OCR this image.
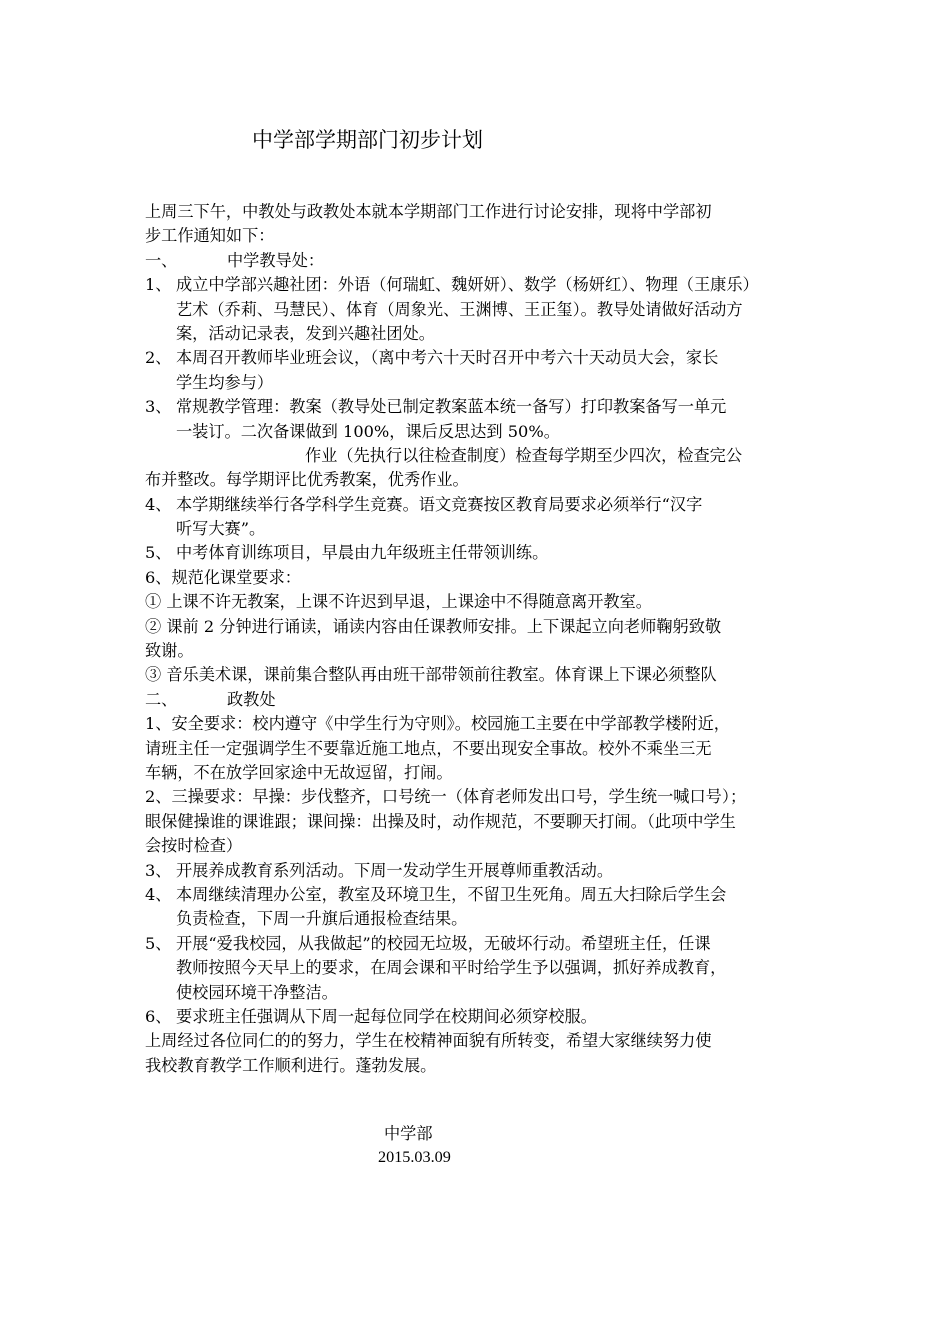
中学部学期部门初步计划
上周三下午，中教处与政教处本就本学期部门工作进行讨论安排，现将中学部初
步工作通知如下：
一、	中学教导处：
1、 成立中学部兴趣社团：外语（何瑞虹、魏妍妍）、数学（杨妍红）、物理（王康乐）
艺术（乔莉、马慧民）、体育（周象光、王渊博、王正玺）。教导处请做好活动方
案，活动记录表，发到兴趣社团处。
2、 本周召开教师毕业班会议，（离中考六十天时召开中考六十天动员大会，家长
学生均参与）
3、 常规教学管理：教案（教导处已制定教案蓝本统一备写）打印教案备写一单元
一装订。二次备课做到 100%，课后反思达到 50%。
作业（先执行以往检查制度）检查每学期至少四次，检查完公
布并整改。每学期评比优秀教案，优秀作业。
4、 本学期继续举行各学科学生竞赛。语文竞赛按区教育局要求必须举行“汉字
听写大赛”。
5、 中考体育训练项目，早晨由九年级班主任带领训练。
6、规范化课堂要求：
① 上课不许无教案，上课不许迟到早退，上课途中不得随意离开教室。
② 课前 2 分钟进行诵读，诵读内容由任课教师安排。上下课起立向老师鞠躬致敬
致谢。
③ 音乐美术课，课前集合整队再由班干部带领前往教室。体育课上下课必须整队
二、	政教处
1、安全要求：校内遵守《中学生行为守则》。校园施工主要在中学部教学楼附近，
请班主任一定强调学生不要靠近施工地点，不要出现安全事故。校外不乘坐三无
车辆，不在放学回家途中无故逗留，打闹。
2、三操要求：早操：步伐整齐，口号统一（体育老师发出口号，学生统一喊口号）；
眼保健操谁的课谁跟；课间操：出操及时，动作规范，不要聊天打闹。（此项中学生
会按时检查）
3、 开展养成教育系列活动。下周一发动学生开展尊师重教活动。
4、 本周继续清理办公室，教室及环境卫生，不留卫生死角。周五大扫除后学生会
负责检查，下周一升旗后通报检查结果。
5、 开展“爱我校园，从我做起”的校园无垃圾，无破坏行动。希望班主任，任课
教师按照今天早上的要求，在周会课和平时给学生予以强调，抓好养成教育，
使校园环境干净整洁。
6、 要求班主任强调从下周一起每位同学在校期间必须穿校服。
上周经过各位同仁的的努力，学生在校精神面貌有所转变，希望大家继续努力使
我校教育教学工作顺利进行。蓬勃发展。
中学部
2015.03.09
